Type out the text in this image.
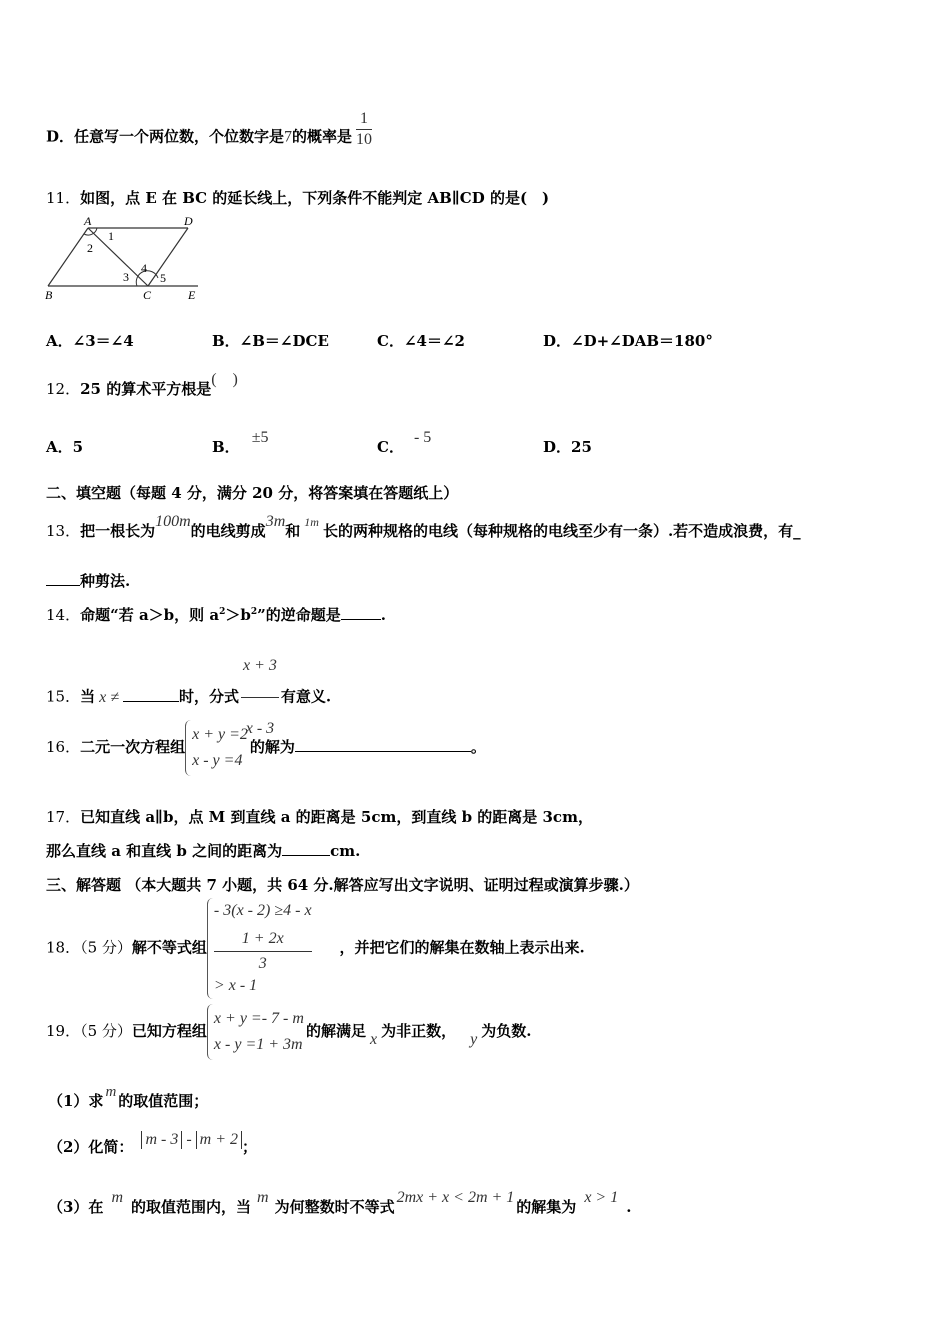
D．任意写一个两位数，个位数字是7的概率是 $\frac{1}{10}$
11．如图，点 E 在 BC 的延长线上，下列条件不能判定 AB∥CD 的是(　)
A	D
B	C	E
1
2
3
4
5
A．∠3＝∠4	B．∠B＝∠DCE	C．∠4＝∠2	D．∠D+∠DAB＝180°
12．25 的算术平方根是(　)
A．5	B．±5
C．- 5
D．25
二、填空题（每题 4 分，满分 20 分，将答案填在答题纸上）
13．把一根长为100m的电线剪成3m和 $^{1m}$ 长的两种规格的电线（每种规格的电线至少有一条）.若不造成浪费，有_
种剪法.
14．命题“若 a＞b，则 $a^2>b^2$”的逆命题是	.
15．当 x ≠	时，分式 $\frac{x + 3}{x - 3}$ 有意义.
16．二元一次方程组
x + y =2
x - y =4
的解为	。
17．已知直线 a∥b，点 M 到直线 a 的距离是 5cm，到直线 b 的距离是 3cm，
那么直线 a 和直线 b 之间的距离为	cm.
三、解答题 （本大题共 7 小题，共 64 分.解答应写出文字说明、证明过程或演算步骤.）
18．（5 分）解不等式组
- 3(x - 2) ≥4 - x
1 + 2x
3
> x - 1
，并把它们的解集在数轴上表示出来.
19．（5 分）已知方程组
x + y =- 7 - m
x - y =1 + 3m
的解满足 x 为非正数， y 为负数.
（1）求 m 的取值范围；
（2）化简： m - 3 - m + 2 ；
（3）在m的取值范围内，当m为何整数时不等式2mx + x < 2m + 1的解集为x > 1.
